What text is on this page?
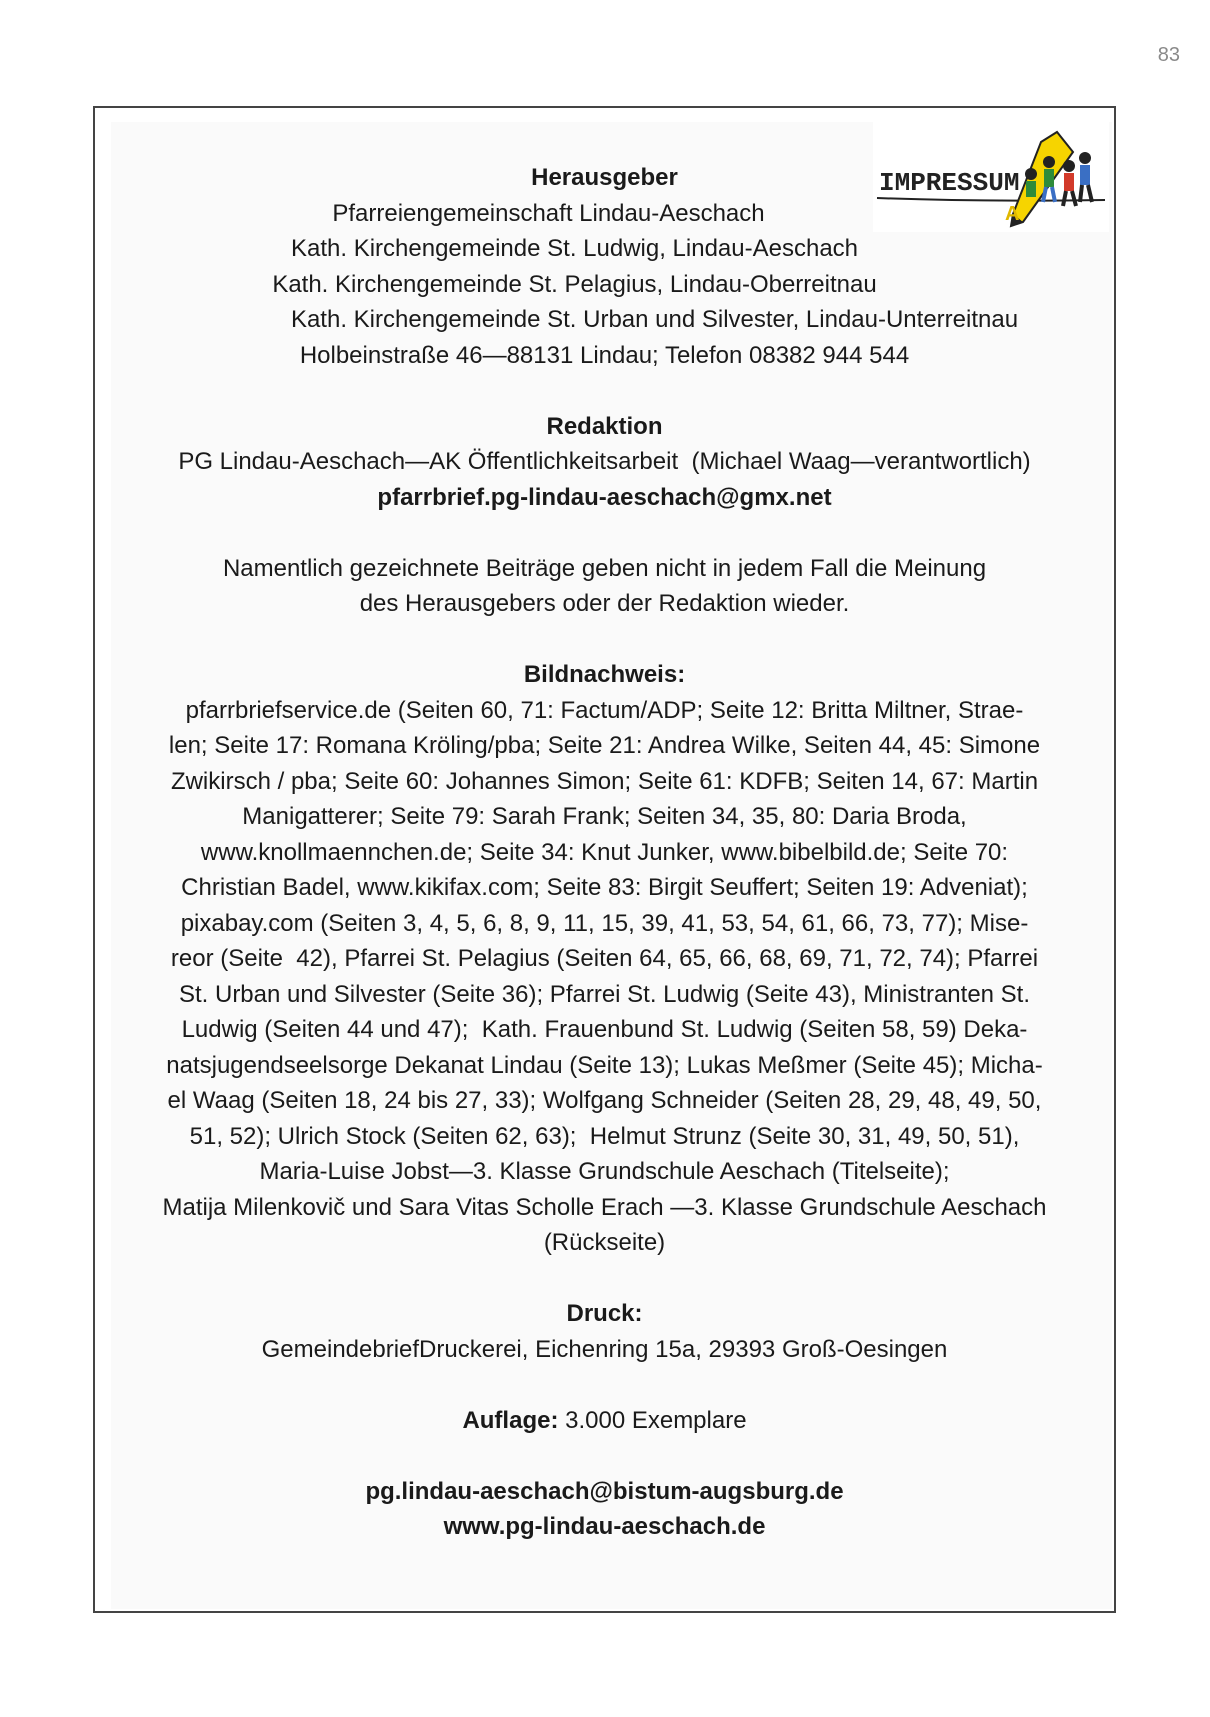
83
IMPRESSUM
A
Herausgeber
Pfarreiengemeinschaft Lindau-Aeschach
Kath. Kirchengemeinde St. Ludwig, Lindau-Aeschach
Kath. Kirchengemeinde St. Pelagius, Lindau-Oberreitnau
Kath. Kirchengemeinde St. Urban und Silvester, Lindau-Unterreitnau
Holbeinstraße 46—88131 Lindau; Telefon 08382 944 544
Redaktion
PG Lindau-Aeschach—AK Öffentlichkeitsarbeit  (Michael Waag—verantwortlich)
pfarrbrief.pg-lindau-aeschach@gmx.net
Namentlich gezeichnete Beiträge geben nicht in jedem Fall die Meinung
des Herausgebers oder der Redaktion wieder.
Bildnachweis:
pfarrbriefservice.de (Seiten 60, 71: Factum/ADP; Seite 12: Britta Miltner, Strae-
len; Seite 17: Romana Kröling/pba; Seite 21: Andrea Wilke, Seiten 44, 45: Simone
Zwikirsch / pba; Seite 60: Johannes Simon; Seite 61: KDFB; Seiten 14, 67: Martin
Manigatterer; Seite 79: Sarah Frank; Seiten 34, 35, 80: Daria Broda,
www.knollmaennchen.de; Seite 34: Knut Junker, www.bibelbild.de; Seite 70:
Christian Badel, www.kikifax.com; Seite 83: Birgit Seuffert; Seiten 19: Adveniat);
pixabay.com (Seiten 3, 4, 5, 6, 8, 9, 11, 15, 39, 41, 53, 54, 61, 66, 73, 77); Mise-
reor (Seite  42), Pfarrei St. Pelagius (Seiten 64, 65, 66, 68, 69, 71, 72, 74); Pfarrei
St. Urban und Silvester (Seite 36); Pfarrei St. Ludwig (Seite 43), Ministranten St.
Ludwig (Seiten 44 und 47);  Kath. Frauenbund St. Ludwig (Seiten 58, 59) Deka-
natsjugendseelsorge Dekanat Lindau (Seite 13); Lukas Meßmer (Seite 45); Micha-
el Waag (Seiten 18, 24 bis 27, 33); Wolfgang Schneider (Seiten 28, 29, 48, 49, 50,
51, 52); Ulrich Stock (Seiten 62, 63);  Helmut Strunz (Seite 30, 31, 49, 50, 51),
Maria-Luise Jobst—3. Klasse Grundschule Aeschach (Titelseite);
Matija Milenkovič und Sara Vitas Scholle Erach —3. Klasse Grundschule Aeschach
(Rückseite)
Druck:
GemeindebriefDruckerei, Eichenring 15a, 29393 Groß-Oesingen
Auflage: 3.000 Exemplare
pg.lindau-aeschach@bistum-augsburg.de
www.pg-lindau-aeschach.de
